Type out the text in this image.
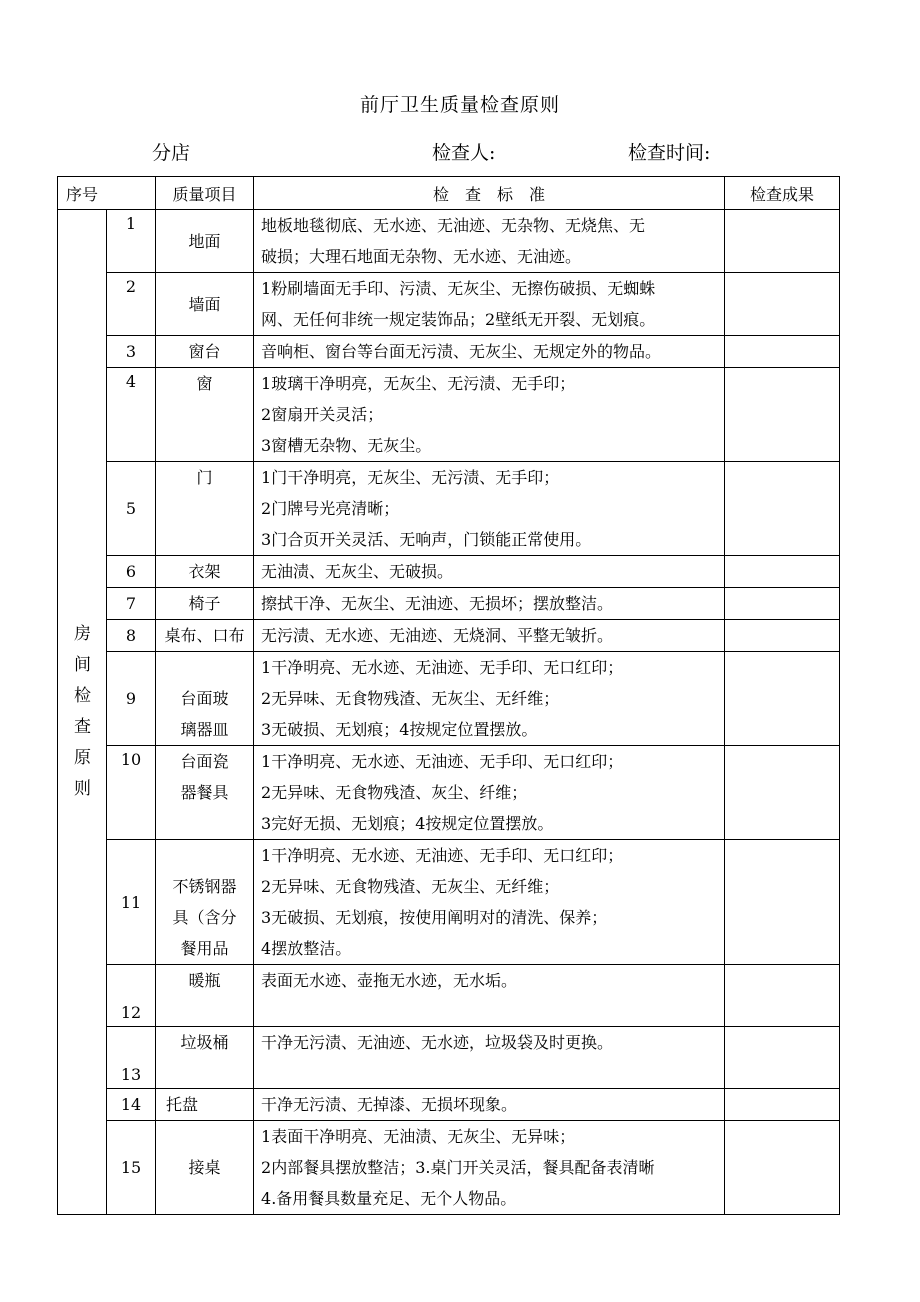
前厅卫生质量检查原则
分店	检查人:	检查时间:
序号		质量项目	检　查　标　准	检查成果

房间检查原则	1	地面	地板地毯彻底、无水迹、无油迹、无杂物、无烧焦、无
破损；大理石地面无杂物、无水迹、无油迹。	

	2	墙面	1粉刷墙面无手印、污渍、无灰尘、无擦伤破损、无蜘蛛
网、无任何非统一规定装饰品；2壁纸无开裂、无划痕。	

	3	窗台	音响柜、窗台等台面无污渍、无灰尘、无规定外的物品。	

	4	窗	1玻璃干净明亮，无灰尘、无污渍、无手印；
2窗扇开关灵活；
3窗槽无杂物、无灰尘。	

	5	门	1门干净明亮，无灰尘、无污渍、无手印；
2门牌号光亮清晰；
3门合页开关灵活、无响声，门锁能正常使用。	

	6	衣架	无油渍、无灰尘、无破损。	

	7	椅子	擦拭干净、无灰尘、无油迹、无损坏；摆放整洁。	

	8	桌布、口布	无污渍、无水迹、无油迹、无烧洞、平整无皱折。	

	9	台面玻璃器皿	1干净明亮、无水迹、无油迹、无手印、无口红印；
2无异味、无食物残渣、无灰尘、无纤维；
3无破损、无划痕；4按规定位置摆放。	

	10	台面瓷器餐具	1干净明亮、无水迹、无油迹、无手印、无口红印；
2无异味、无食物残渣、灰尘、纤维；
3完好无损、无划痕；4按规定位置摆放。	

	11	不锈钢器具（含分餐用品	1干净明亮、无水迹、无油迹、无手印、无口红印；
2无异味、无食物残渣、无灰尘、无纤维；
3无破损、无划痕，按使用阐明对的清洗、保养；
4摆放整洁。	

	12	暖瓶	表面无水迹、壶拖无水迹，无水垢。	

	13	垃圾桶	干净无污渍、无油迹、无水迹，垃圾袋及时更换。	

	14	托盘	干净无污渍、无掉漆、无损坏现象。	

	15	接桌	1表面干净明亮、无油渍、无灰尘、无异味；
2内部餐具摆放整洁；3.桌门开关灵活，餐具配备表清晰
4.备用餐具数量充足、无个人物品。	
